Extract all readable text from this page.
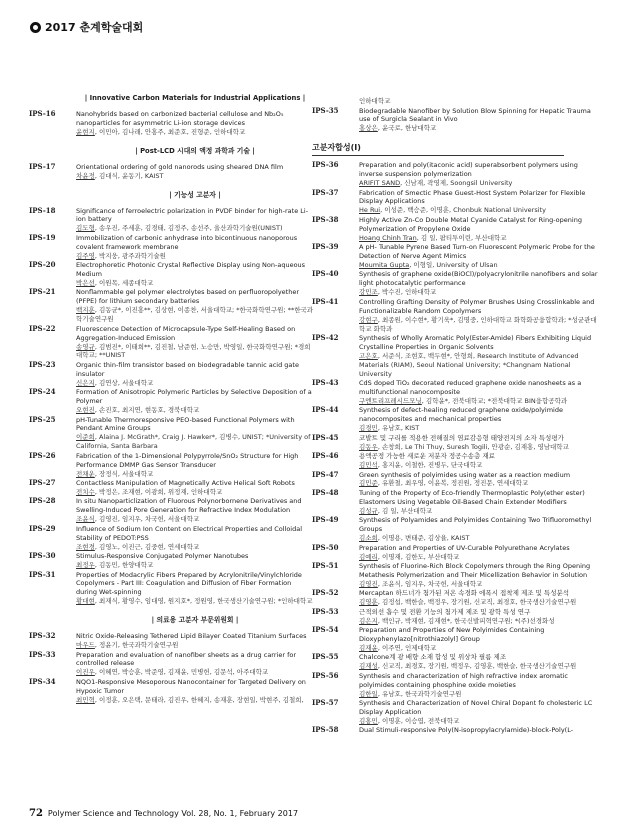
2017 춘계학술대회
| Innovative Carbon Materials for Industrial Applications |
IPS-16	Nanohybrids based on carbonized bacterial cellulose and Nb₂O₅ nanoparticles for asymmetric Li-ion storage devices
윤현지, 이민아, 김나래, 안홍주, 최준호, 진형준, 인하대학교
| Post-LCD 시대의 액정 과학과 기술 |
IPS-17	Orientational ordering of gold nanorods using sheared DNA film
차윤정, 김대식, 윤동기, KAIST
| 기능성 고분자 |
IPS-18	Significance of ferroelectric polarization in PVDF binder for high-rate Li-ion battery
김도형, 송우진, 주세훈, 김경태, 김정주, 송선주, 울산과학기술원(UNIST)
IPS-19	Immobilization of carbonic anhydrase into bicontinuous nanoporous covalent framework membrane
김주영, 박지웅, 광주과학기술원
IPS-20	Electrophoretic Photonic Crystal Reflective Display using Non-aqueous Medium
박은선, 이원목, 세종대학교
IPS-21	Nonflammable gel polymer electrolytes based on perfluoropolyether (PFPE) for lithium secondary batteries
백지훈, 김동균*, 이진홍**, 김상현, 이종찬, 서울대학교; *한국화학연구원; **한국과학기술연구원
IPS-22	Fluorescence Detection of Microcapsule-Type Self-Healing Based on Aggregation-Induced Emission
송영규, 김범진*, 이태희**, 김진철, 남준현, 노승만, 박영일, 한국화학연구원; *경희대학교; **UNIST
IPS-23	Organic thin-film transistor based on biodegradable tannic acid gate insulator
신은지, 김연상, 서울대학교
IPS-24	Formation of Anisotropic Polymeric Particles by Selective Deposition of a Polymer
오현진, 손진호, 최지연, 현동호, 경북대학교
IPS-25	pH-Tunable Thermoresponsive PEO-based Functional Polymers with Pendant Amine Groups
이준희, Alaina J. McGrath*, Craig J. Hawker*, 김병수, UNIST; *University of California, Santa Barbara
IPS-26	Fabrication of the 1-Dimensional Polypyrrole/SnO₂ Structure for High Performance DMMP Gas Sensor Transducer
전채운, 장정식, 서울대학교
IPS-27	Contactless Manipulation of Magnetically Active Helical Soft Robots
전치수, 박정은, 조재현, 이광희, 위정재, 인하대학교
IPS-28	In situ Nanoparticlization of Fluorous Polynorbornene Derivatives and Swelling-Induced Pore Generation for Refractive Index Modulation
조윤식, 김영진, 임지우, 차국헌, 서울대학교
IPS-29	Influence of Sodium Ion Content on Electrical Properties and Colloidal Stability of PEDOT:PSS
조현경, 김영노, 이진근, 김중현, 연세대학교
IPS-30	Stimulus-Responsive Conjugated Polymer Nanotubes
최정우, 김동민, 한양대학교
IPS-31	Properties of Modacrylic Fibers Prepared by Acrylonitrile/Vinylchloride Copolymers - Part III: Coagulation and Diffusion of Fiber Formation during Wet-spinning
황대현, 최재식, 황영수, 임대영, 원지호*, 정원영, 한국생산기술연구원; *인하대학교
| 의료용 고분자 부문위원회 |
IPS-32	Nitric Oxide-Releasing Tethered Lipid Bilayer Coated Titanium Surfaces
마우드, 정윤기, 한국과학기술연구원
IPS-33	Preparation and evaluation of nanofiber sheets as a drug carrier for controlled release
이진우, 이혜연, 박승훈, 박준영, 김재윤, 민병헌, 김문석, 아주대학교
IPS-34	NQO1-Responsive Mesoporous Nanocontainer for Targeted Delivery on Hypoxic Tumor
최민혁, 이정훈, 오은택, 문태라, 김진우, 한혜지, 송재훈, 장현일, 박현주, 김철희,
인하대학교
IPS-35	Biodegradable Nanofiber by Solution Blow Spinning for Hepatic Trauma use of Surgicla Sealant in Vivo
홍상은, 윤국로, 한남대학교
고분자합성(I)
IPS-36	Preparation and poly(itaconic acid) superabsorbent polymers using inverse suspension polymerization
ARIFIT SAND, 신남재, 곽영제, Soongsil University
IPS-37	Fabrication of Smectic Phase Guest-Host System Polarizer for Flexible Display Applications
He Rui, 이성준, 백승준, 이명훈, Chonbuk National University
IPS-38	Highly Active Zn-Co Double Metal Cyanide Catalyst for Ring-opening Polymerization of Propylene Oxide
Hoang Chinh Tran, 김 일, 팜티투이린, 부산대학교
IPS-39	A pH- Tunable Pyrene Based Turn-on Fluorescent Polymeric Probe for the Detection of Nerve Agent Mimics
Moumita Gupta, 이형일, University of Ulsan
IPS-40	Synthesis of graphene oxide(BiOCl)/polyacrylonitrile nanofibers and solar light photocatalytic performance
강민조, 박수진, 인하대학교
IPS-41	Controlling Grafting Density of Polymer Brushes Using Crosslinkable and Functionalizable Random Copolymers
강현구, 최종원, 이수현*, 황기욱*, 김명중, 인하대학교 화학화공융합학과; *성균관대학교 화학과
IPS-42	Synthesis of Wholly Aromatic Poly(Ester-Amide) Fibers Exhibiting Liquid Crystalline Properties in Organic Solvents
고은호, 서준식, 조현호, 백두현*, 안형희, Research Institute of Advanced Materials (RIAM), Seoul National University; *Changnam National University
IPS-43	CdS doped TiO₂ decorated reduced graphene oxide nanosheets as a multifunctional nanocomposite
구엔트리프레시드모닝, 김학윤*, 전북대학교; *전북대학교 BIN융합공학과
IPS-44	Synthesis of defect-healing reduced graphene oxide/polyimide nanocomposites and mechanical properties
김경민, 유남호, KIST
IPS-45	코발트 및 구리를 적용한 전해질의 염료감응형 태양전지의 소자 특성평가
김동우, 손창희, Le Thi Thuy, Suresh Togili, 안광순, 김재홍, 영남대학교
IPS-46	용액공정 가능한 새로운 저분자 정공수송층 재료
김민석, 홍지윤, 이철한, 진병두, 단국대학교
IPS-47	Green synthesis of polyimides using water as a reaction medium
김민준, 유환철, 최우영, 이윤복, 정진원, 정진문, 연세대학교
IPS-48	Tuning of the Property of Eco-friendly Thermoplastic Poly(ether ester) Elastomers Using Vegetable Oil-Based Chain Extender Modifiers
김성규, 김 일, 부산대학교
IPS-49	Synthesis of Polyamides and Polyimides Containing Two Trifluoromethyl Groups
김소희, 이명용, 변태준, 김상율, KAIST
IPS-50	Preparation and Properties of UV-Curable Polyurethane Acrylates
김예리, 이명재, 김한도, 부산대학교
IPS-51	Synthesis of Fluorine-Rich Block Copolymers through the Ring Opening Metathesis Polymerization and Their Micellization Behavior in Solution
김영진, 조윤식, 임지우, 차국헌, 서울대학교
IPS-52	Mercaptan 하드너가 첨가된 저온 속경화 에폭시 접착제 제조 및 특성분석
김영훈, 김정섭, 백한슬, 백정우, 장기원, 신교직, 최경호, 한국생산기술연구원
IPS-53	근적외선 흡수 및 전환 기능의 첨가제 제조 및 광학 특성 연구
김은지, 백인규, 박재현, 김재현*, 한국신발피혁연구원; *(주)선경화성
IPS-54	Preparation and Properties of New Polyimides Containing Dioxyphenylazo[nitrothiazolyl] Group
김재윤, 이주연, 인제대학교
IPS-55	Chalcone계 광 배향 소재 합성 및 위상차 필름 제조
김재성, 신교직, 최경호, 장기원, 백정우, 김영훈, 백한슬, 한국생산기술연구원
IPS-56	Synthesis and characterization of high refractive index aromatic polyimides containing phosphine oxide moieties
김한일, 유남호, 한국과학기술연구원
IPS-57	Synthesis and Characterization of Novel Chiral Dopant fo cholesteric LC Display Application
김홍민, 이명훈, 이승엽, 전북대학교
IPS-58	Dual Stimuli-responsive Poly(N-isopropylacrylamide)-block-Poly(L-
72 Polymer Science and Technology Vol. 28, No. 1, February 2017
